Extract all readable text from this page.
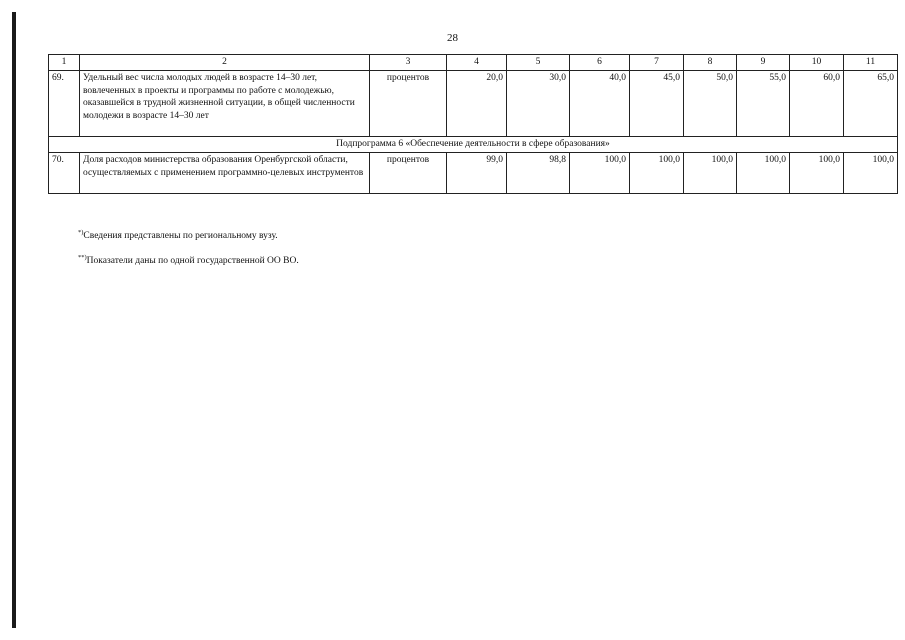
28
1	2	3	4	5	6	7	8	9	10	11
69.	Удельный вес числа молодых людей в возрасте 14–30 лет, вовлеченных в проекты и программы по работе с молодежью, оказавшейся в трудной жизненной ситуации, в общей численности молодежи в возрасте 14–30 лет	процентов	20,0	30,0	40,0	45,0	50,0	55,0	60,0	65,0
Подпрограмма 6 «Обеспечение деятельности в сфере образования»										
70.	Доля расходов министерства образования Оренбургской области, осуществляемых с применением программно-целевых инструментов	процентов	99,0	98,8	100,0	100,0	100,0	100,0	100,0	100,0
*)Сведения представлены по региональному вузу.
**)Показатели даны по одной государственной ОО ВО.
